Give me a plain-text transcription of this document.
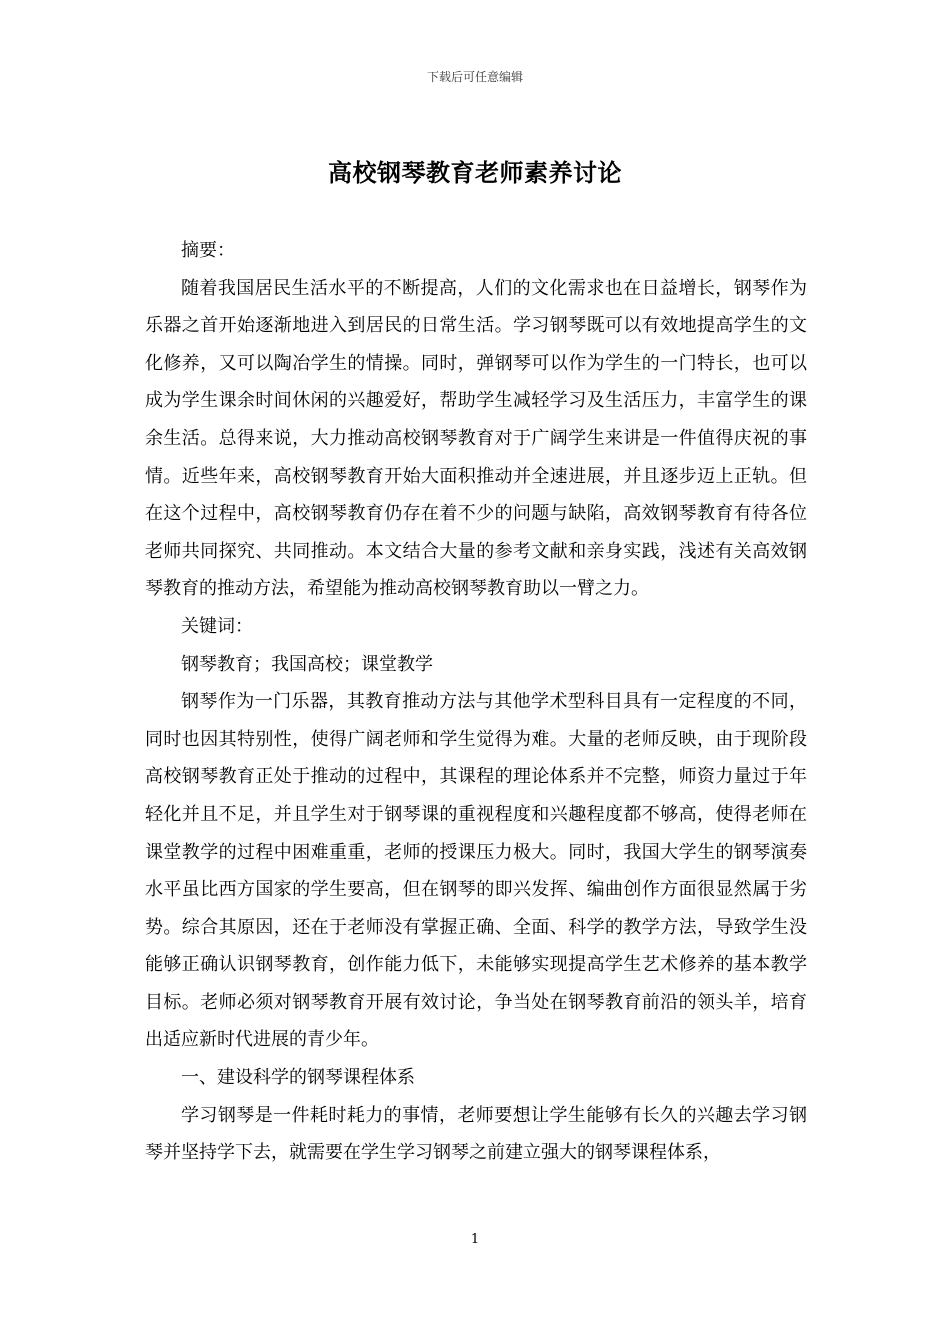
下载后可任意编辑
高校钢琴教育老师素养讨论

摘要：

随着我国居民生活水平的不断提高，人们的文化需求也在日益增长，钢琴作为乐器之首开始逐渐地进入到居民的日常生活。学习钢琴既可以有效地提高学生的文化修养，又可以陶冶学生的情操。同时，弹钢琴可以作为学生的一门特长，也可以成为学生课余时间休闲的兴趣爱好，帮助学生减轻学习及生活压力，丰富学生的课余生活。总得来说，大力推动高校钢琴教育对于广阔学生来讲是一件值得庆祝的事情。近些年来，高校钢琴教育开始大面积推动并全速进展，并且逐步迈上正轨。但在这个过程中，高校钢琴教育仍存在着不少的问题与缺陷，高效钢琴教育有待各位老师共同探究、共同推动。本文结合大量的参考文献和亲身实践，浅述有关高效钢琴教育的推动方法，希望能为推动高校钢琴教育助以一臂之力。

关键词：

钢琴教育；我国高校；课堂教学

钢琴作为一门乐器，其教育推动方法与其他学术型科目具有一定程度的不同，同时也因其特别性，使得广阔老师和学生觉得为难。大量的老师反映，由于现阶段高校钢琴教育正处于推动的过程中，其课程的理论体系并不完整，师资力量过于年轻化并且不足，并且学生对于钢琴课的重视程度和兴趣程度都不够高，使得老师在课堂教学的过程中困难重重，老师的授课压力极大。同时，我国大学生的钢琴演奏水平虽比西方国家的学生要高，但在钢琴的即兴发挥、编曲创作方面很显然属于劣势。综合其原因，还在于老师没有掌握正确、全面、科学的教学方法，导致学生没能够正确认识钢琴教育，创作能力低下，未能够实现提高学生艺术修养的基本教学目标。老师必须对钢琴教育开展有效讨论，争当处在钢琴教育前沿的领头羊，培育出适应新时代进展的青少年。

一、建设科学的钢琴课程体系

学习钢琴是一件耗时耗力的事情，老师要想让学生能够有长久的兴趣去学习钢琴并坚持学下去，就需要在学生学习钢琴之前建立强大的钢琴课程体系，

1
